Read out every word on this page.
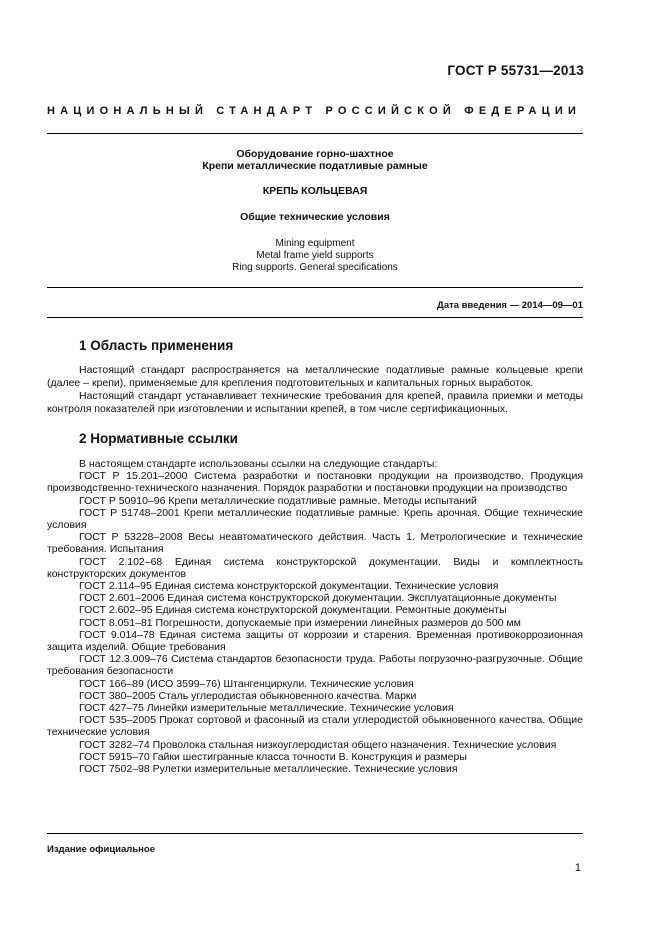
ГОСТ Р 55731—2013
НАЦИОНАЛЬНЫЙ СТАНДАРТ РОССИЙСКОЙ ФЕДЕРАЦИИ
Оборудование горно-шахтное
Крепи металлические податливые рамные
КРЕПЬ КОЛЬЦЕВАЯ
Общие технические условия
Mining equipment
Metal frame yield supports
Ring supports. General specifications
Дата введения — 2014—09—01
1 Область применения

Настоящий стандарт распространяется на металлические податливые рамные кольцевые крепи (далее – крепи), применяемые для крепления подготовительных и капитальных горных выработок.

Настоящий стандарт устанавливает технические требования для крепей, правила приемки и методы контроля показателей при изготовлении и испытании крепей, в том числе сертификационных.

2 Нормативные ссылки

В настоящем стандарте использованы ссылки на следующие стандарты:

ГОСТ Р 15.201–2000 Система разработки и постановки продукции на производство. Продукция производственно-технического назначения. Порядок разработки и постановки продукции на производство

ГОСТ Р 50910–96 Крепи металлические податливые рамные. Методы испытаний

ГОСТ Р 51748–2001 Крепи металлические податливые рамные. Крепь арочная. Общие технические условия

ГОСТ Р 53228–2008 Весы неавтоматического действия. Часть 1. Метрологические и технические требования. Испытания

ГОСТ 2.102–68 Единая система конструкторской документации. Виды и комплектность конструкторских документов

ГОСТ 2.114–95 Единая система конструкторской документации. Технические условия

ГОСТ 2.601–2006 Единая система конструкторской документации. Эксплуатационные документы

ГОСТ 2.602–95 Единая система конструкторской документации. Ремонтные документы

ГОСТ 8.051–81 Погрешности, допускаемые при измерении линейных размеров до 500 мм

ГОСТ 9.014–78 Единая система защиты от коррозии и старения. Временная противокоррозионная защита изделий. Общие требования

ГОСТ 12.3.009–76 Система стандартов безопасности труда. Работы погрузочно-разгрузочные. Общие требования безопасности

ГОСТ 166–89 (ИСО 3599–76) Штангенциркули. Технические условия

ГОСТ 380–2005 Сталь углеродистая обыкновенного качества. Марки

ГОСТ 427–75 Линейки измерительные металлические. Технические условия

ГОСТ 535–2005 Прокат сортовой и фасонный из стали углеродистой обыкновенного качества. Общие технические условия

ГОСТ 3282–74 Проволока стальная низкоуглеродистая общего назначения. Технические условия

ГОСТ 5915–70 Гайки шестигранные класса точности В. Конструкция и размеры

ГОСТ 7502–98 Рулетки измерительные металлические. Технические условия

Издание официальное
1
